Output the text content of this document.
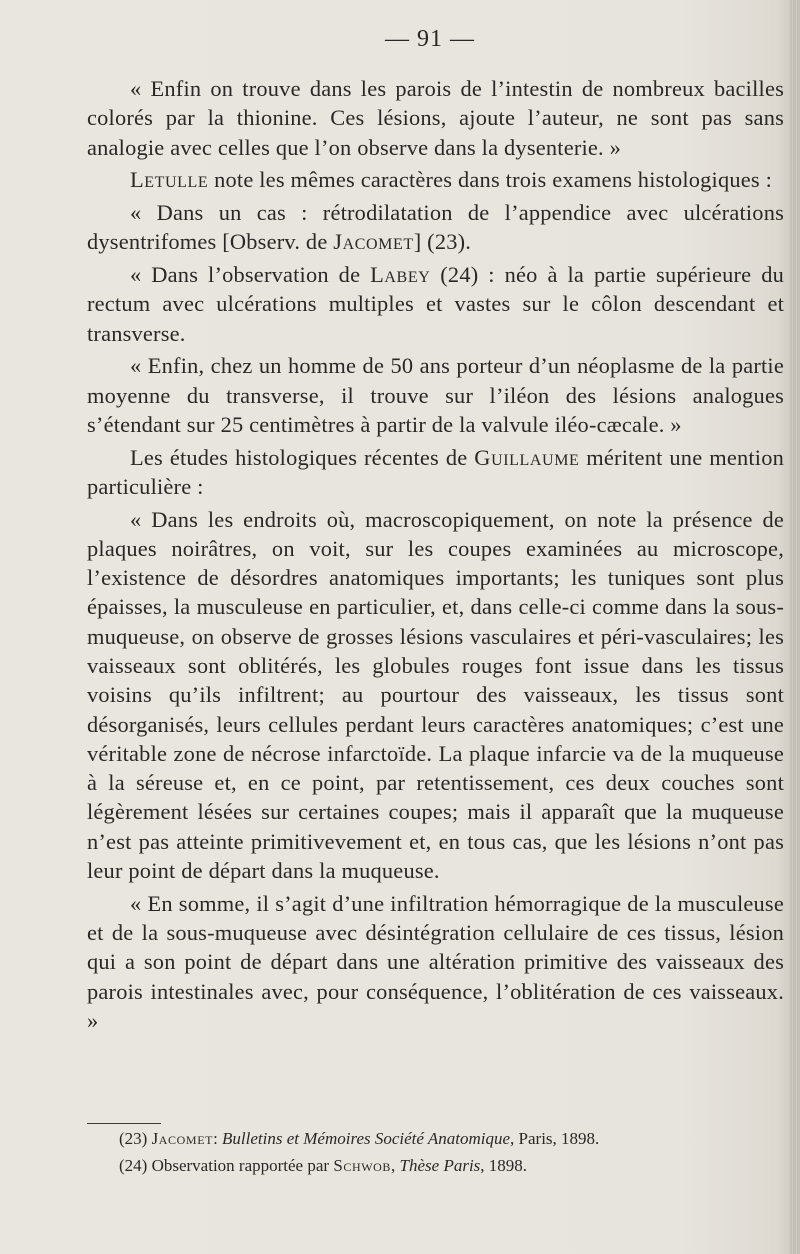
— 91 —

« Enfin on trouve dans les parois de l’intestin de nombreux bacilles colorés par la thionine. Ces lésions, ajoute l’auteur, ne sont pas sans analogie avec celles que l’on observe dans la dysenterie. »

Letulle note les mêmes caractères dans trois examens histologiques :

« Dans un cas : rétrodilatation de l’appendice avec ulcérations dysentrifomes [Observ. de Jacomet] (23).

« Dans l’observation de Labey (24) : néo à la partie supérieure du rectum avec ulcérations multiples et vastes sur le côlon descendant et transverse.

« Enfin, chez un homme de 50 ans porteur d’un néoplasme de la partie moyenne du transverse, il trouve sur l’iléon des lésions analogues s’étendant sur 25 centimètres à partir de la valvule iléo-cæcale. »

Les études histologiques récentes de Guillaume méritent une mention particulière :

« Dans les endroits où, macroscopiquement, on note la présence de plaques noirâtres, on voit, sur les coupes examinées au microscope, l’existence de désordres anatomiques importants; les tuniques sont plus épaisses, la musculeuse en particulier, et, dans celle-ci comme dans la sous-muqueuse, on observe de grosses lésions vasculaires et péri-vasculaires; les vaisseaux sont oblitérés, les globules rouges font issue dans les tissus voisins qu’ils infiltrent; au pourtour des vaisseaux, les tissus sont désorganisés, leurs cellules perdant leurs caractères anatomiques; c’est une véritable zone de nécrose infarctoïde. La plaque infarcie va de la muqueuse à la séreuse et, en ce point, par retentissement, ces deux couches sont légèrement lésées sur certaines coupes; mais il apparaît que la muqueuse n’est pas atteinte primitivevement et, en tous cas, que les lésions n’ont pas leur point de départ dans la muqueuse.

« En somme, il s’agit d’une infiltration hémorragique de la musculeuse et de la sous-muqueuse avec désintégration cellulaire de ces tissus, lésion qui a son point de départ dans une altération primitive des vaisseaux des parois intestinales avec, pour conséquence, l’oblitération de ces vaisseaux. »

(23) Jacomet: Bulletins et Mémoires Société Anatomique, Paris, 1898.

(24) Observation rapportée par Schwob, Thèse Paris, 1898.
